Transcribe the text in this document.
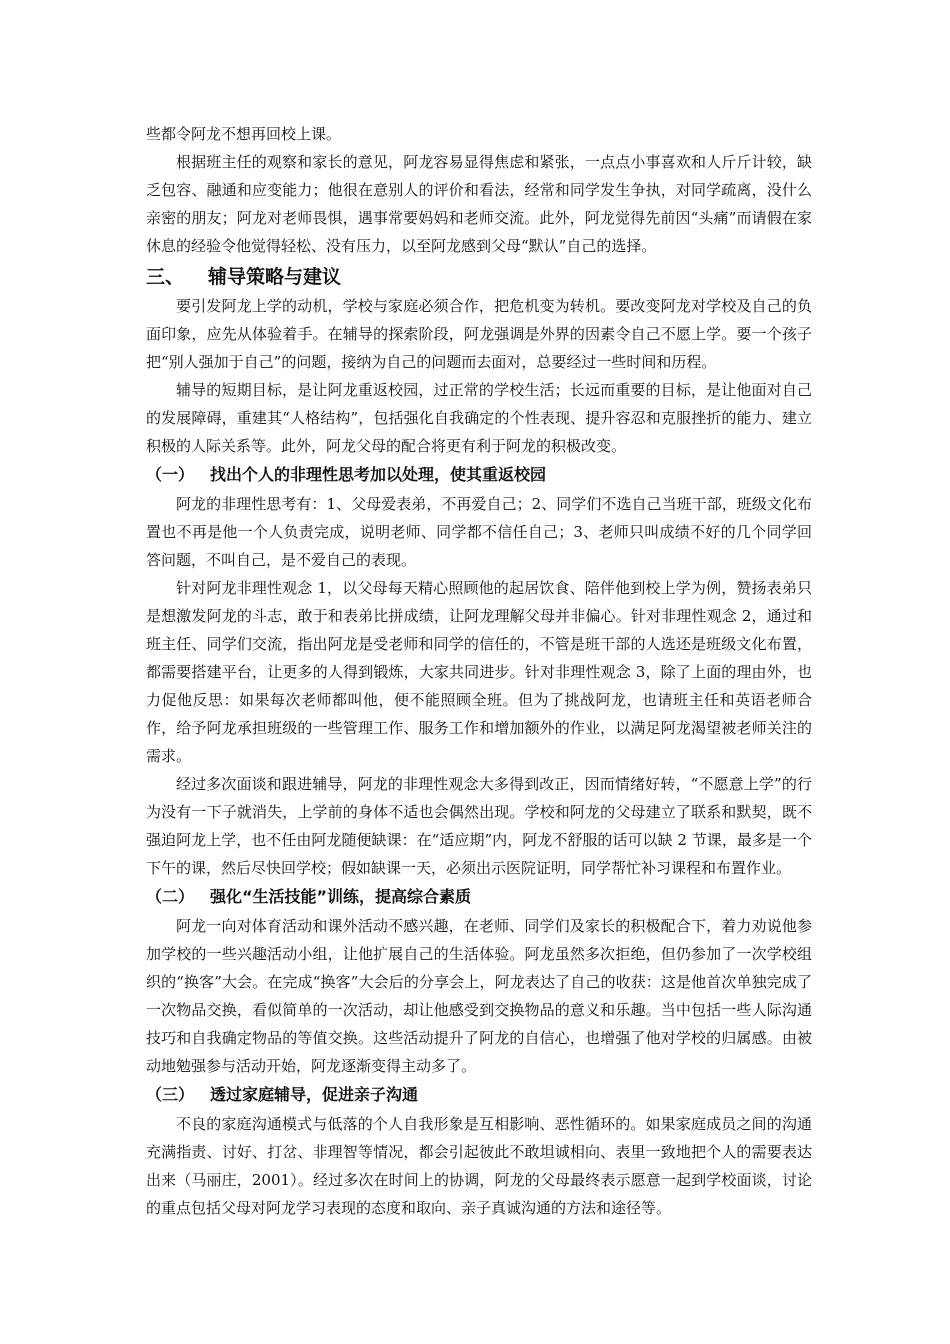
些都令阿龙不想再回校上课。

根据班主任的观察和家长的意见，阿龙容易显得焦虑和紧张，一点点小事喜欢和人斤斤计较，缺乏包容、融通和应变能力；他很在意别人的评价和看法，经常和同学发生争执，对同学疏离，没什么亲密的朋友；阿龙对老师畏惧，遇事常要妈妈和老师交流。此外，阿龙觉得先前因“头痛”而请假在家休息的经验令他觉得轻松、没有压力，以至阿龙感到父母“默认”自己的选择。

三、 辅导策略与建议

要引发阿龙上学的动机，学校与家庭必须合作，把危机变为转机。要改变阿龙对学校及自己的负面印象，应先从体验着手。在辅导的探索阶段，阿龙强调是外界的因素令自己不愿上学。要一个孩子把“别人强加于自己”的问题，接纳为自己的问题而去面对，总要经过一些时间和历程。

辅导的短期目标，是让阿龙重返校园，过正常的学校生活；长远而重要的目标，是让他面对自己的发展障碍，重建其“人格结构”，包括强化自我确定的个性表现、提升容忍和克服挫折的能力、建立积极的人际关系等。此外，阿龙父母的配合将更有利于阿龙的积极改变。

（一） 找出个人的非理性思考加以处理，使其重返校园

阿龙的非理性思考有：1、父母爱表弟，不再爱自己；2、同学们不选自己当班干部，班级文化布置也不再是他一个人负责完成，说明老师、同学都不信任自己；3、老师只叫成绩不好的几个同学回答问题，不叫自己，是不爱自己的表现。

针对阿龙非理性观念 1，以父母每天精心照顾他的起居饮食、陪伴他到校上学为例，赞扬表弟只是想激发阿龙的斗志，敢于和表弟比拼成绩，让阿龙理解父母并非偏心。针对非理性观念 2，通过和班主任、同学们交流，指出阿龙是受老师和同学的信任的，不管是班干部的人选还是班级文化布置，都需要搭建平台，让更多的人得到锻炼，大家共同进步。针对非理性观念 3，除了上面的理由外，也力促他反思：如果每次老师都叫他，便不能照顾全班。但为了挑战阿龙，也请班主任和英语老师合作，给予阿龙承担班级的一些管理工作、服务工作和增加额外的作业，以满足阿龙渴望被老师关注的需求。

经过多次面谈和跟进辅导，阿龙的非理性观念大多得到改正，因而情绪好转，“不愿意上学”的行为没有一下子就消失，上学前的身体不适也会偶然出现。学校和阿龙的父母建立了联系和默契，既不强迫阿龙上学，也不任由阿龙随便缺课：在“适应期”内，阿龙不舒服的话可以缺 2 节课，最多是一个下午的课，然后尽快回学校；假如缺课一天，必须出示医院证明，同学帮忙补习课程和布置作业。

（二） 强化“生活技能”训练，提高综合素质

阿龙一向对体育活动和课外活动不感兴趣，在老师、同学们及家长的积极配合下，着力劝说他参加学校的一些兴趣活动小组，让他扩展自己的生活体验。阿龙虽然多次拒绝，但仍参加了一次学校组织的“换客”大会。在完成“换客”大会后的分享会上，阿龙表达了自己的收获：这是他首次单独完成了一次物品交换，看似简单的一次活动，却让他感受到交换物品的意义和乐趣。当中包括一些人际沟通技巧和自我确定物品的等值交换。这些活动提升了阿龙的自信心，也增强了他对学校的归属感。由被动地勉强参与活动开始，阿龙逐渐变得主动多了。

（三） 透过家庭辅导，促进亲子沟通

不良的家庭沟通模式与低落的个人自我形象是互相影响、恶性循环的。如果家庭成员之间的沟通充满指责、讨好、打岔、非理智等情况，都会引起彼此不敢坦诚相向、表里一致地把个人的需要表达出来（马丽庄，2001）。经过多次在时间上的协调，阿龙的父母最终表示愿意一起到学校面谈，讨论的重点包括父母对阿龙学习表现的态度和取向、亲子真诚沟通的方法和途径等。
